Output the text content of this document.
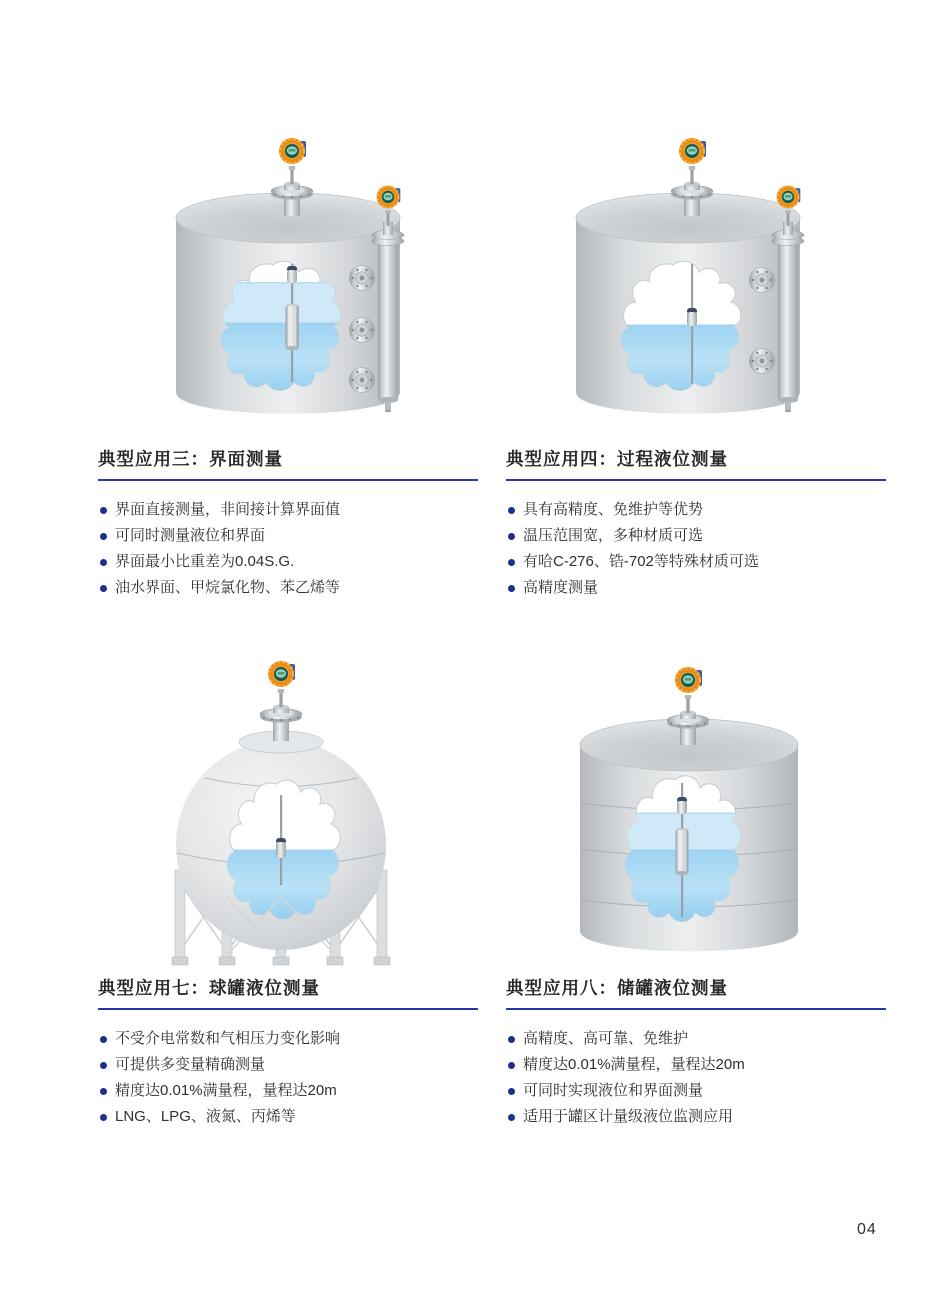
典型应用三：界面测量
界面直接测量，非间接计算界面值
可同时测量液位和界面
界面最小比重差为0.04S.G.
油水界面、甲烷氯化物、苯乙烯等
典型应用四：过程液位测量
具有高精度、免维护等优势
温压范围宽，多种材质可选
有哈C-276、锆-702等特殊材质可选
高精度测量
典型应用七：球罐液位测量
不受介电常数和气相压力变化影响
可提供多变量精确测量
精度达0.01%满量程，量程达20m
LNG、LPG、液氮、丙烯等
典型应用八：储罐液位测量
高精度、高可靠、免维护
精度达0.01%满量程，量程达20m
可同时实现液位和界面测量
适用于罐区计量级液位监测应用
04
